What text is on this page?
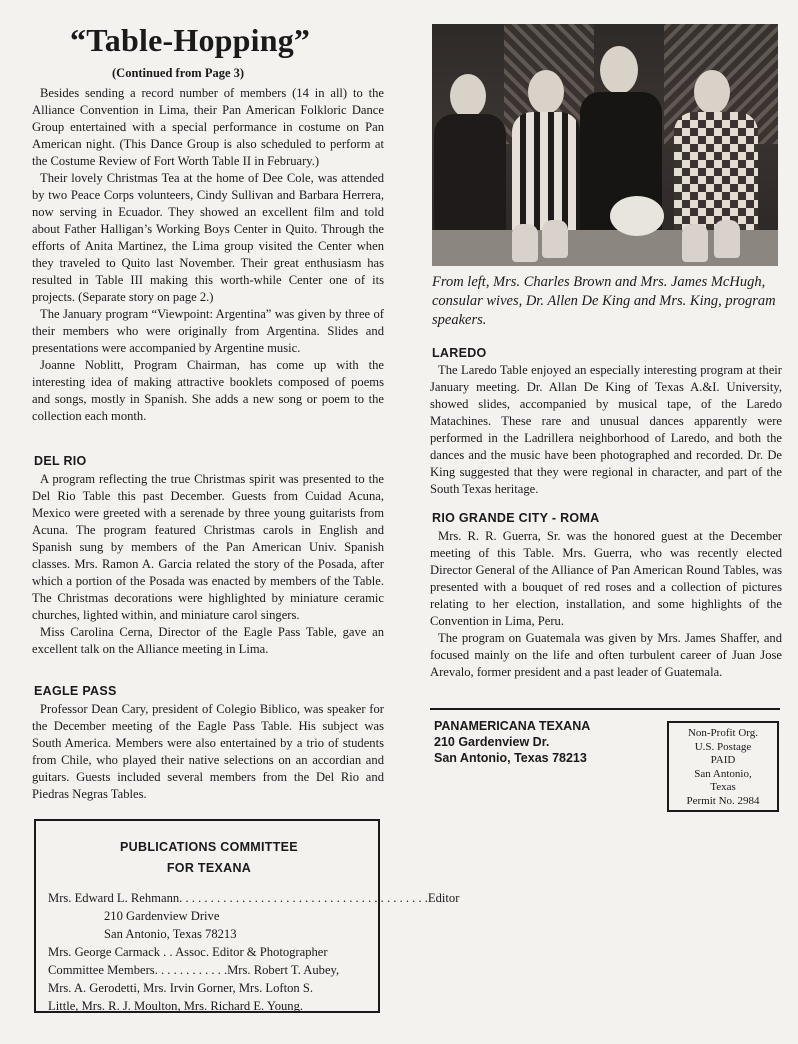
“Table-Hopping”
(Continued from Page 3)

Besides sending a record number of members (14 in all) to the Alliance Convention in Lima, their Pan American Folkloric Dance Group entertained with a special performance in costume on Pan American night. (This Dance Group is also scheduled to perform at the Costume Review of Fort Worth Table II in February.)

Their lovely Christmas Tea at the home of Dee Cole, was attended by two Peace Corps volunteers, Cindy Sullivan and Barbara Herrera, now serving in Ecuador. They showed an excellent film and told about Father Halligan’s Working Boys Center in Quito. Through the efforts of Anita Martinez, the Lima group visited the Center when they traveled to Quito last November. Their great enthusiasm has resulted in Table III making this worth-while Center one of its projects. (Separate story on page 2.)

The January program “Viewpoint: Argentina” was given by three of their members who were originally from Argentina. Slides and presentations were accompanied by Argentine music.

Joanne Noblitt, Program Chairman, has come up with the interesting idea of making attractive booklets composed of poems and songs, mostly in Spanish. She adds a new song or poem to the collection each month.

DEL RIO

A program reflecting the true Christmas spirit was presented to the Del Rio Table this past December. Guests from Cuidad Acuna, Mexico were greeted with a serenade by three young guitarists from Acuna. The program featured Christmas carols in English and Spanish sung by members of the Pan American Univ. Spanish classes. Mrs. Ramon A. Garcia related the story of the Posada, after which a portion of the Posada was enacted by members of the Table. The Christmas decorations were highlighted by miniature ceramic churches, lighted within, and miniature carol singers.

Miss Carolina Cerna, Director of the Eagle Pass Table, gave an excellent talk on the Alliance meeting in Lima.

EAGLE PASS

Professor Dean Cary, president of Colegio Biblico, was speaker for the December meeting of the Eagle Pass Table. His subject was South America. Members were also entertained by a trio of students from Chile, who played their native selections on an accordian and guitars. Guests included several members from the Del Rio and Piedras Negras Tables.

PUBLICATIONS COMMITTEE
FOR TEXANA
Mrs. Edward L. Rehmann . . . . . . . . . . . . . . . . . . . . . . . . . . . . . . . . . . . . . . . . Editor
210 Gardenview Drive
San Antonio, Texas 78213
Mrs. George Carmack . . Assoc. Editor & Photographer
Committee Members . . . . . . . . . . . . Mrs. Robert T. Aubey,
Mrs. A. Gerodetti, Mrs. Irvin Gorner, Mrs. Lofton S.
Little, Mrs. R. J. Moulton, Mrs. Richard E. Young.
From left, Mrs. Charles Brown and Mrs. James McHugh, consular wives, Dr. Allen De King and Mrs. King, program speakers.
LAREDO

The Laredo Table enjoyed an especially interesting program at their January meeting. Dr. Allan De King of Texas A.&I. University, showed slides, accompanied by musical tape, of the Laredo Matachines. These rare and unusual dances apparently were performed in the Ladrillera neighborhood of Laredo, and both the dances and the music have been photographed and recorded. Dr. De King suggested that they were regional in character, and part of the South Texas heritage.

RIO GRANDE CITY - ROMA

Mrs. R. R. Guerra, Sr. was the honored guest at the December meeting of this Table. Mrs. Guerra, who was recently elected Director General of the Alliance of Pan American Round Tables, was presented with a bouquet of red roses and a collection of pictures relating to her election, installation, and some highlights of the Convention in Lima, Peru.

The program on Guatemala was given by Mrs. James Shaffer, and focused mainly on the life and often turbulent career of Juan Jose Arevalo, former president and a past leader of Guatemala.

PANAMERICANA TEXANA
210 Gardenview Dr.
San Antonio, Texas 78213
Non-Profit Org.
U.S. Postage
PAID
San Antonio,
Texas
Permit No. 2984
